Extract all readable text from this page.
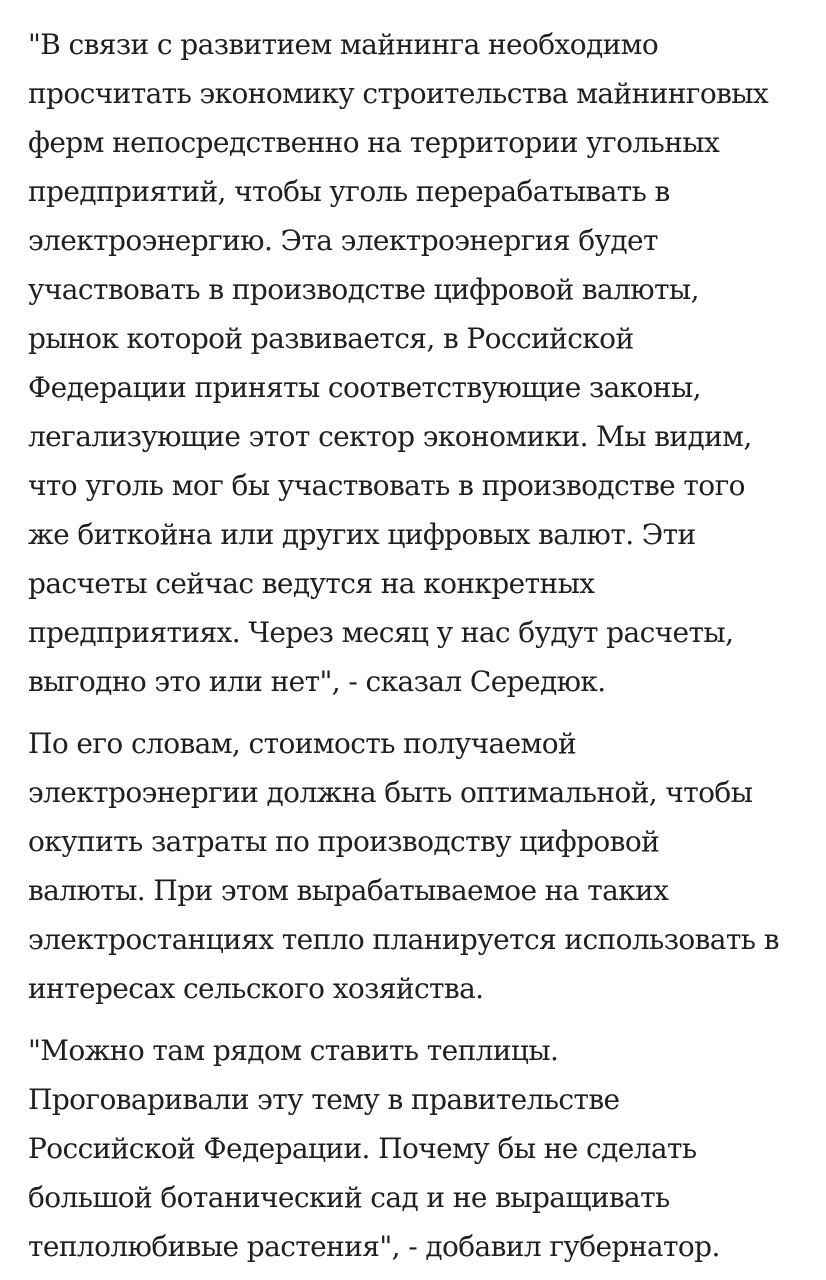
"В связи с развитием майнинга необходимо
просчитать экономику строительства майнинговых
ферм непосредственно на территории угольных
предприятий, чтобы уголь перерабатывать в
электроэнергию. Эта электроэнергия будет
участвовать в производстве цифровой валюты,
рынок которой развивается, в Российской
Федерации приняты соответствующие законы,
легализующие этот сектор экономики. Мы видим,
что уголь мог бы участвовать в производстве того
же биткойна или других цифровых валют. Эти
расчеты сейчас ведутся на конкретных
предприятиях. Через месяц у нас будут расчеты,
выгодно это или нет", - сказал Середюк.

По его словам, стоимость получаемой
электроэнергии должна быть оптимальной, чтобы
окупить затраты по производству цифровой
валюты. При этом вырабатываемое на таких
электростанциях тепло планируется использовать в
интересах сельского хозяйства.

"Можно там рядом ставить теплицы.
Проговаривали эту тему в правительстве
Российской Федерации. Почему бы не сделать
большой ботанический сад и не выращивать
теплолюбивые растения", - добавил губернатор.
